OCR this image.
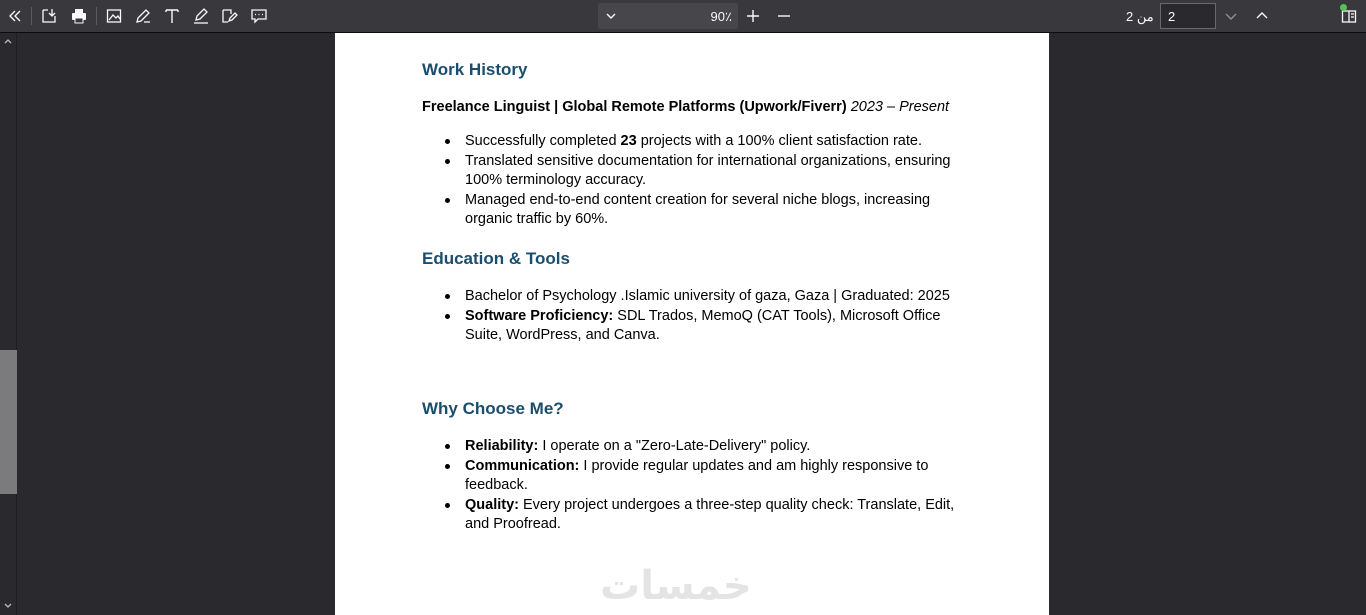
90٪	من 2
2
Work History
Freelance Linguist | Global Remote Platforms (Upwork/Fiverr) 2023 – Present
Successfully completed 23 projects with a 100% client satisfaction rate.
Translated sensitive documentation for international organizations, ensuring 100% terminology accuracy.
Managed end-to-end content creation for several niche blogs, increasing organic traffic by 60%.
Education & Tools
Bachelor of Psychology .Islamic university of gaza, Gaza | Graduated: 2025
Software Proficiency: SDL Trados, MemoQ (CAT Tools), Microsoft Office Suite, WordPress, and Canva.
Why Choose Me?
Reliability: I operate on a "Zero-Late-Delivery" policy.
Communication: I provide regular updates and am highly responsive to feedback.
Quality: Every project undergoes a three-step quality check: Translate, Edit, and Proofread.
خمسات
